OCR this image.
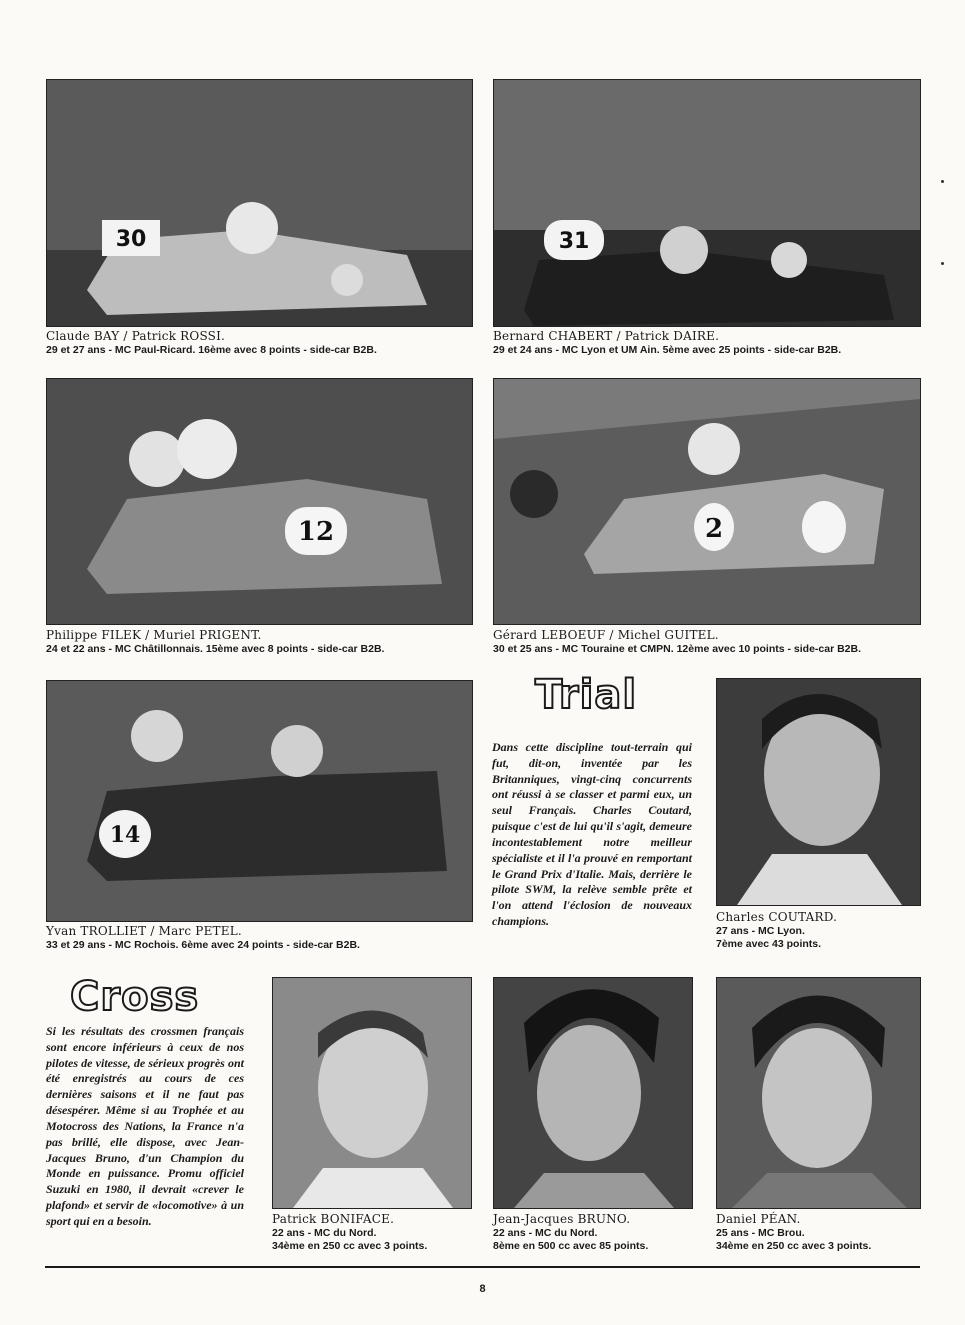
30
Claude BAY / Patrick ROSSI.
29 et 27 ans - MC Paul-Ricard. 16ème avec 8 points - side-car B2B.
31
Bernard CHABERT / Patrick DAIRE.
29 et 24 ans - MC Lyon et UM Ain. 5ème avec 25 points - side-car B2B.
12
Philippe FILEK / Muriel PRIGENT.
24 et 22 ans - MC Châtillonnais. 15ème avec 8 points - side-car B2B.
2
Gérard LEBOEUF / Michel GUITEL.
30 et 25 ans - MC Touraine et CMPN. 12ème avec 10 points - side-car B2B.
14
Yvan TROLLIET / Marc PETEL.
33 et 29 ans - MC Rochois. 6ème avec 24 points - side-car B2B.
Trial
Dans cette discipline tout-terrain qui fut, dit-on, inventée par les Britanniques, vingt-cinq concurrents ont réussi à se classer et parmi eux, un seul Français. Charles Coutard, puisque c'est de lui qu'il s'agit, demeure incontestablement notre meilleur spécialiste et il l'a prouvé en remportant le Grand Prix d'Italie. Mais, derrière le pilote SWM, la relève semble prête et l'on attend l'éclosion de nouveaux champions.	Charles COUTARD.
27 ans - MC Lyon.
7ème avec 43 points.
Cross
Si les résultats des crossmen français sont encore inférieurs à ceux de nos pilotes de vitesse, de sérieux progrès ont été enregistrés au cours de ces dernières saisons et il ne faut pas désespérer. Même si au Trophée et au Motocross des Nations, la France n'a pas brillé, elle dispose, avec Jean-Jacques Bruno, d'un Champion du Monde en puissance. Promu officiel Suzuki en 1980, il devrait «crever le plafond» et servir de «locomotive» à un sport qui en a besoin.	Patrick BONIFACE.
22 ans - MC du Nord.
34ème en 250 cc avec 3 points.
Jean-Jacques BRUNO.
22 ans - MC du Nord.
8ème en 500 cc avec 85 points.
Daniel PÉAN.
25 ans - MC Brou.
34ème en 250 cc avec 3 points.
8
